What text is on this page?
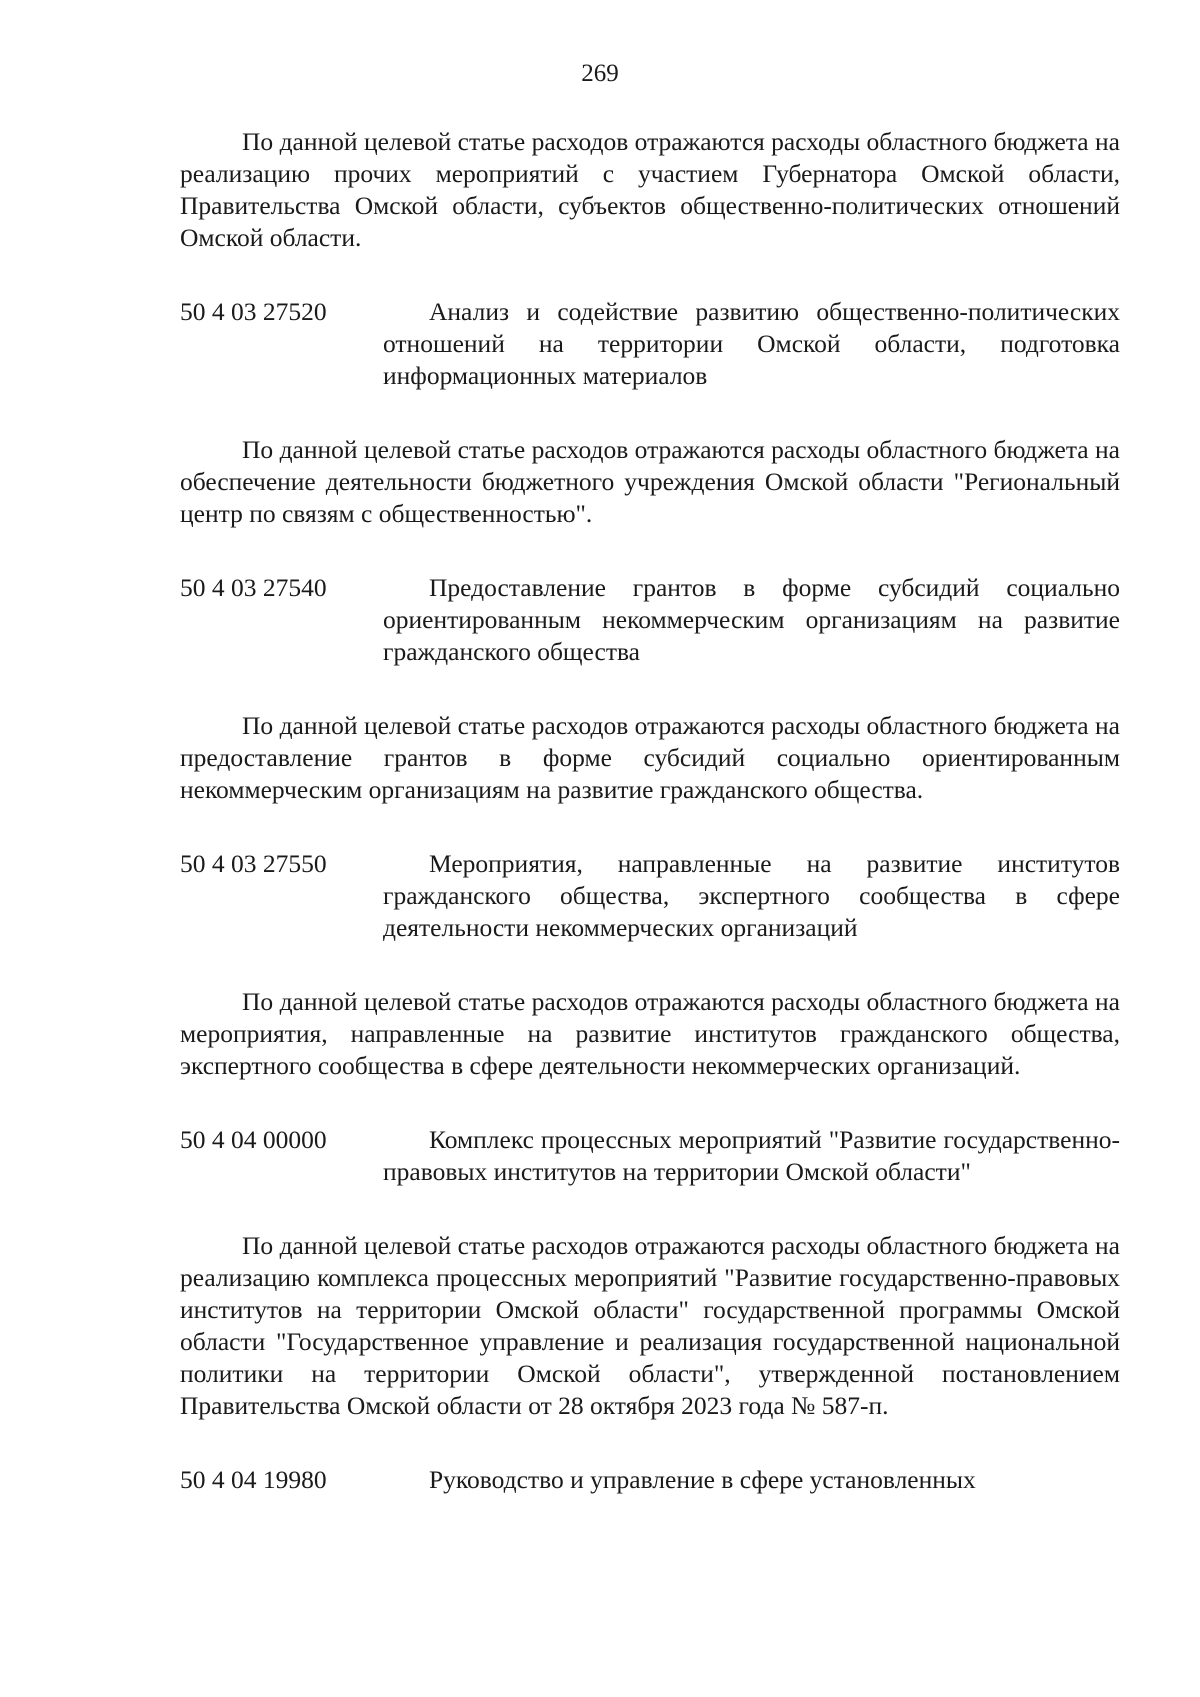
269

По данной целевой статье расходов отражаются расходы областного бюджета на реализацию прочих мероприятий с участием Губернатора Омской области, Правительства Омской области, субъектов общественно-политических отношений Омской области.

50 4 03 27520	Анализ и содействие развитию общественно-политических отношений на территории Омской области, подготовка информационных материалов

По данной целевой статье расходов отражаются расходы областного бюджета на обеспечение деятельности бюджетного учреждения Омской области "Региональный центр по связям с общественностью".

50 4 03 27540	Предоставление грантов в форме субсидий социально ориентированным некоммерческим организациям на развитие гражданского общества

По данной целевой статье расходов отражаются расходы областного бюджета на предоставление грантов в форме субсидий социально ориентированным некоммерческим организациям на развитие гражданского общества.

50 4 03 27550	Мероприятия, направленные на развитие институтов гражданского общества, экспертного сообщества в сфере деятельности некоммерческих организаций

По данной целевой статье расходов отражаются расходы областного бюджета на мероприятия, направленные на развитие институтов гражданского общества, экспертного сообщества в сфере деятельности некоммерческих организаций.

50 4 04 00000	Комплекс процессных мероприятий "Развитие государственно-правовых институтов на территории Омской области"

По данной целевой статье расходов отражаются расходы областного бюджета на реализацию комплекса процессных мероприятий "Развитие государственно-правовых институтов на территории Омской области" государственной программы Омской области "Государственное управление и реализация государственной национальной политики на территории Омской области", утвержденной постановлением Правительства Омской области от 28 октября 2023 года № 587-п.

50 4 04 19980	Руководство и управление в сфере установленных
